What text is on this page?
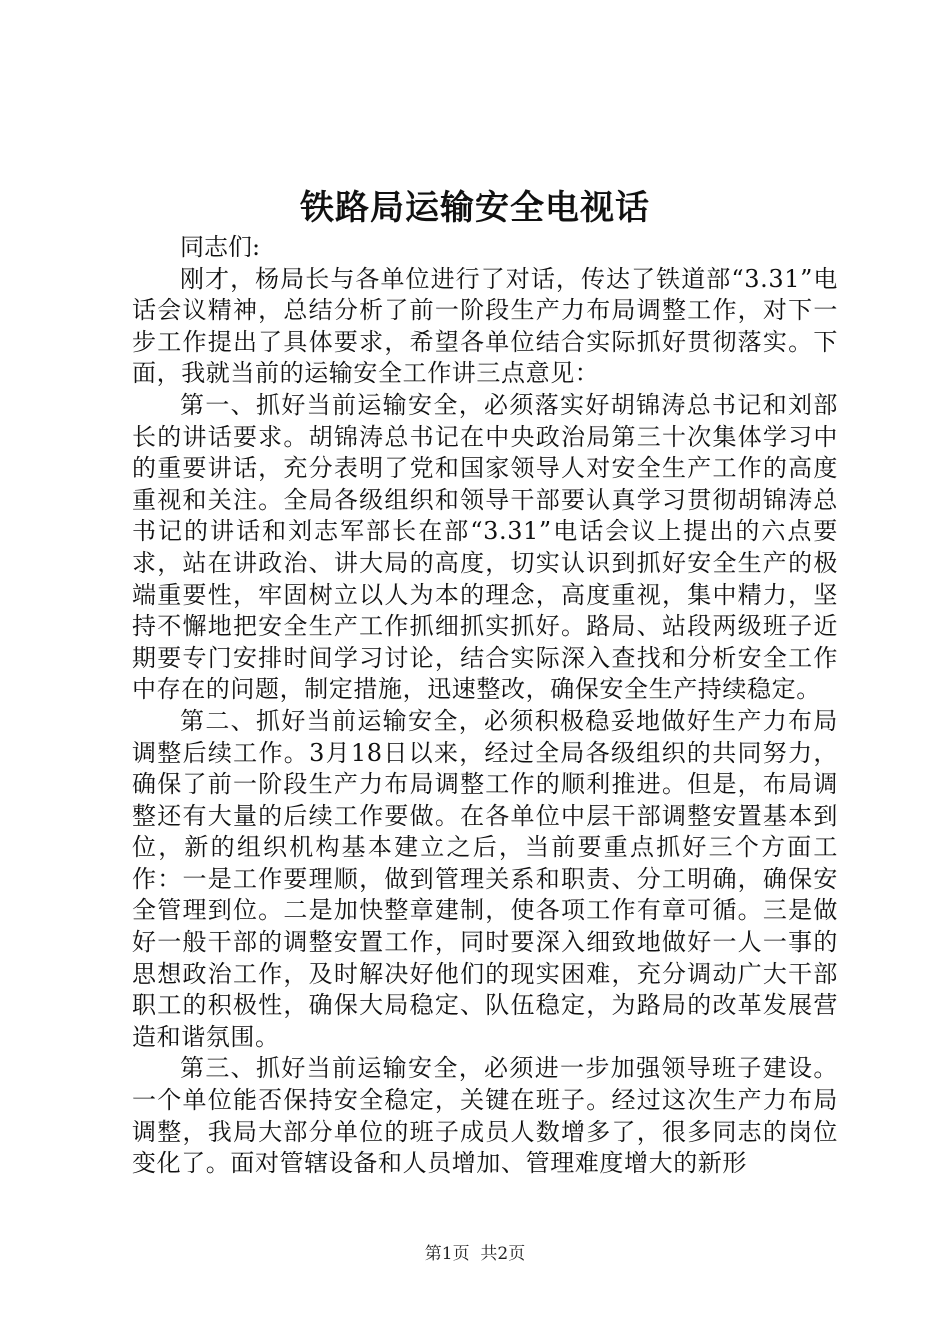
铁路局运输安全电视话

同志们:

刚才，杨局长与各单位进行了对话，传达了铁道部“3.31”电话会议精神，总结分析了前一阶段生产力布局调整工作，对下一步工作提出了具体要求，希望各单位结合实际抓好贯彻落实。下面，我就当前的运输安全工作讲三点意见：

第一、抓好当前运输安全，必须落实好胡锦涛总书记和刘部长的讲话要求。胡锦涛总书记在中央政治局第三十次集体学习中的重要讲话，充分表明了党和国家领导人对安全生产工作的高度重视和关注。全局各级组织和领导干部要认真学习贯彻胡锦涛总书记的讲话和刘志军部长在部“3.31”电话会议上提出的六点要求，站在讲政治、讲大局的高度，切实认识到抓好安全生产的极端重要性，牢固树立以人为本的理念，高度重视，集中精力，坚持不懈地把安全生产工作抓细抓实抓好。路局、站段两级班子近期要专门安排时间学习讨论，结合实际深入查找和分析安全工作中存在的问题，制定措施，迅速整改，确保安全生产持续稳定。

第二、抓好当前运输安全，必须积极稳妥地做好生产力布局调整后续工作。3月18日以来，经过全局各级组织的共同努力，确保了前一阶段生产力布局调整工作的顺利推进。但是，布局调整还有大量的后续工作要做。在各单位中层干部调整安置基本到位，新的组织机构基本建立之后，当前要重点抓好三个方面工作：一是工作要理顺，做到管理关系和职责、分工明确，确保安全管理到位。二是加快整章建制，使各项工作有章可循。三是做好一般干部的调整安置工作，同时要深入细致地做好一人一事的思想政治工作，及时解决好他们的现实困难，充分调动广大干部职工的积极性，确保大局稳定、队伍稳定，为路局的改革发展营造和谐氛围。

第三、抓好当前运输安全，必须进一步加强领导班子建设。一个单位能否保持安全稳定，关键在班子。经过这次生产力布局调整，我局大部分单位的班子成员人数增多了，很多同志的岗位变化了。面对管辖设备和人员增加、管理难度增大的新形

第1页  共2页
